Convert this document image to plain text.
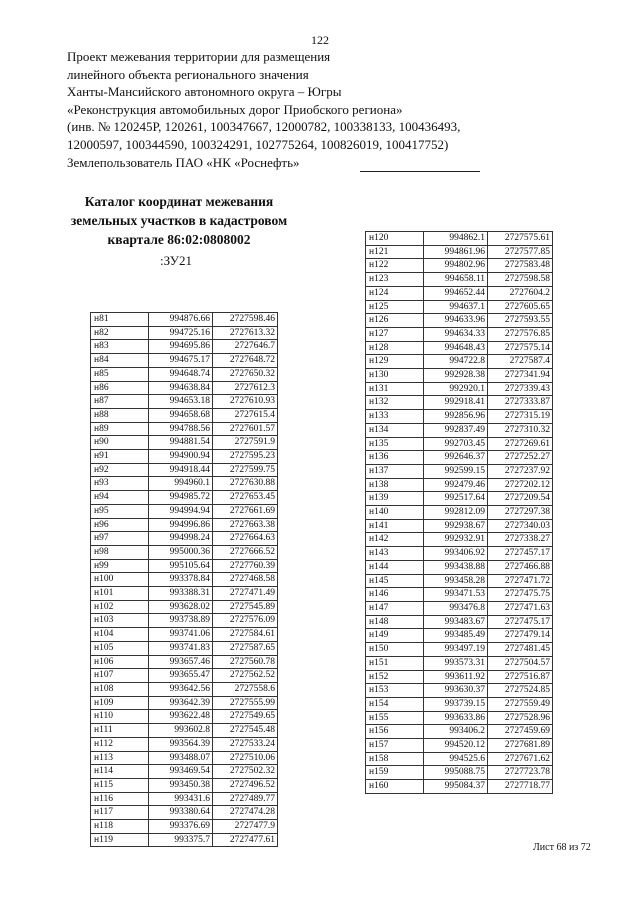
122
Проект межевания территории для размещения
линейного объекта регионального значения
Ханты-Мансийского автономного округа – Югры
«Реконструкция автомобильных дорог Приобского региона»
(инв. № 120245Р, 120261, 100347667, 12000782, 100338133, 100436493,
12000597, 100344590, 100324291, 102775264, 100826019, 100417752)
Землепользователь ПАО «НК «Роснефть»
Каталог координат межевания
земельных участков в кадастровом
квартале 86:02:0808002
:ЗУ21
н81	994876.66	2727598.46
н82	994725.16	2727613.32
н83	994695.86	2727646.7
н84	994675.17	2727648.72
н85	994648.74	2727650.32
н86	994638.84	2727612.3
н87	994653.18	2727610.93
н88	994658.68	2727615.4
н89	994788.56	2727601.57
н90	994881.54	2727591.9
н91	994900.94	2727595.23
н92	994918.44	2727599.75
н93	994960.1	2727630.88
н94	994985.72	2727653.45
н95	994994.94	2727661.69
н96	994996.86	2727663.38
н97	994998.24	2727664.63
н98	995000.36	2727666.52
н99	995105.64	2727760.39
н100	993378.84	2727468.58
н101	993388.31	2727471.49
н102	993628.02	2727545.89
н103	993738.89	2727576.09
н104	993741.06	2727584.61
н105	993741.83	2727587.65
н106	993657.46	2727560.78
н107	993655.47	2727562.52
н108	993642.56	2727558.6
н109	993642.39	2727555.99
н110	993622.48	2727549.65
н111	993602.8	2727545.48
н112	993564.39	2727533.24
н113	993488.07	2727510.06
н114	993469.54	2727502.32
н115	993450.38	2727496.52
н116	993431.6	2727489.77
н117	993380.64	2727474.28
н118	993376.69	2727477.9
н119	993375.7	2727477.61
н120	994862.1	2727575.61
н121	994861.96	2727577.85
н122	994802.96	2727583.48
н123	994658.11	2727598.58
н124	994652.44	2727604.2
н125	994637.1	2727605.65
н126	994633.96	2727593.55
н127	994634.33	2727576.85
н128	994648.43	2727575.14
н129	994722.8	2727587.4
н130	992928.38	2727341.94
н131	992920.1	2727339.43
н132	992918.41	2727333.87
н133	992856.96	2727315.19
н134	992837.49	2727310.32
н135	992703.45	2727269.61
н136	992646.37	2727252.27
н137	992599.15	2727237.92
н138	992479.46	2727202.12
н139	992517.64	2727209.54
н140	992812.09	2727297.38
н141	992938.67	2727340.03
н142	992932.91	2727338.27
н143	993406.92	2727457.17
н144	993438.88	2727466.88
н145	993458.28	2727471.72
н146	993471.53	2727475.75
н147	993476.8	2727471.63
н148	993483.67	2727475.17
н149	993485.49	2727479.14
н150	993497.19	2727481.45
н151	993573.31	2727504.57
н152	993611.92	2727516.87
н153	993630.37	2727524.85
н154	993739.15	2727559.49
н155	993633.86	2727528.96
н156	993406.2	2727459.69
н157	994520.12	2727681.89
н158	994525.6	2727671.62
н159	995088.75	2727723.78
н160	995084.37	2727718.77
Лист 68 из 72
